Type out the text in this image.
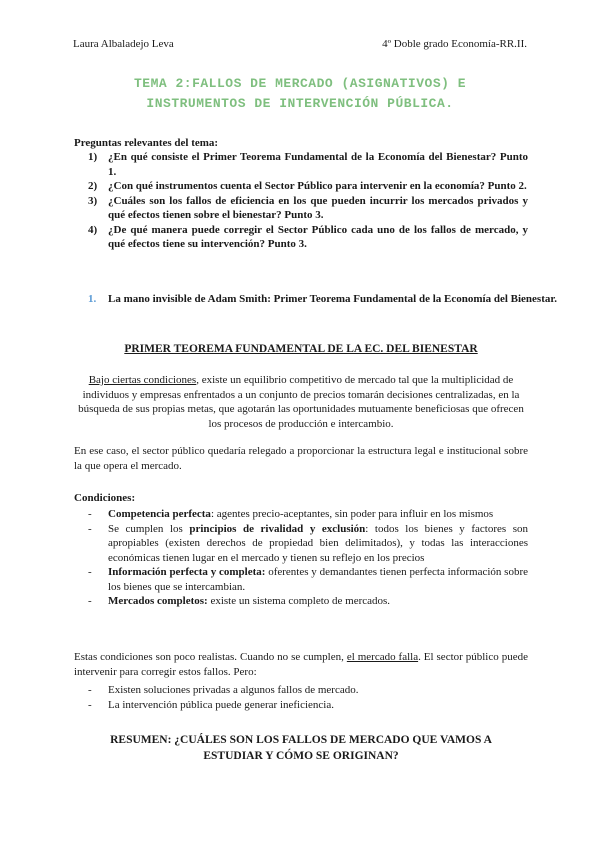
Laura Albaladejo Leva	4º Doble grado Economía-RR.II.
TEMA 2:FALLOS DE MERCADO (ASIGNATIVOS) E
INSTRUMENTOS DE INTERVENCIÓN PÚBLICA.
Preguntas relevantes del tema:
1) ¿En qué consiste el Primer Teorema Fundamental de la Economía del Bienestar? Punto 1.
2) ¿Con qué instrumentos cuenta el Sector Público para intervenir en la economía? Punto 2.
3) ¿Cuáles son los fallos de eficiencia en los que pueden incurrir los mercados privados y qué efectos tienen sobre el bienestar? Punto 3.
4) ¿De qué manera puede corregir el Sector Público cada uno de los fallos de mercado, y qué efectos tiene su intervención? Punto 3.
1. La mano invisible de Adam Smith: Primer Teorema Fundamental de la Economía del Bienestar.
PRIMER TEOREMA FUNDAMENTAL DE LA EC. DEL BIENESTAR
Bajo ciertas condiciones, existe un equilibrio competitivo de mercado tal que la multiplicidad de individuos y empresas enfrentados a un conjunto de precios tomarán decisiones centralizadas, en la búsqueda de sus propias metas, que agotarán las oportunidades mutuamente beneficiosas que ofrecen los procesos de producción e intercambio.
En ese caso, el sector público quedaría relegado a proporcionar la estructura legal e institucional sobre la que opera el mercado.
Condiciones:
- Competencia perfecta: agentes precio-aceptantes, sin poder para influir en los mismos
- Se cumplen los principios de rivalidad y exclusión: todos los bienes y factores son apropiables (existen derechos de propiedad bien delimitados), y todas las interacciones económicas tienen lugar en el mercado y tienen su reflejo en los precios
- Información perfecta y completa: oferentes y demandantes tienen perfecta información sobre los bienes que se intercambian.
- Mercados completos: existe un sistema completo de mercados.
Estas condiciones son poco realistas. Cuando no se cumplen, el mercado falla. El sector público puede intervenir para corregir estos fallos. Pero:
- Existen soluciones privadas a algunos fallos de mercado.
- La intervención pública puede generar ineficiencia.
RESUMEN: ¿CUÁLES SON LOS FALLOS DE MERCADO QUE VAMOS A ESTUDIAR Y CÓMO SE ORIGINAN?
